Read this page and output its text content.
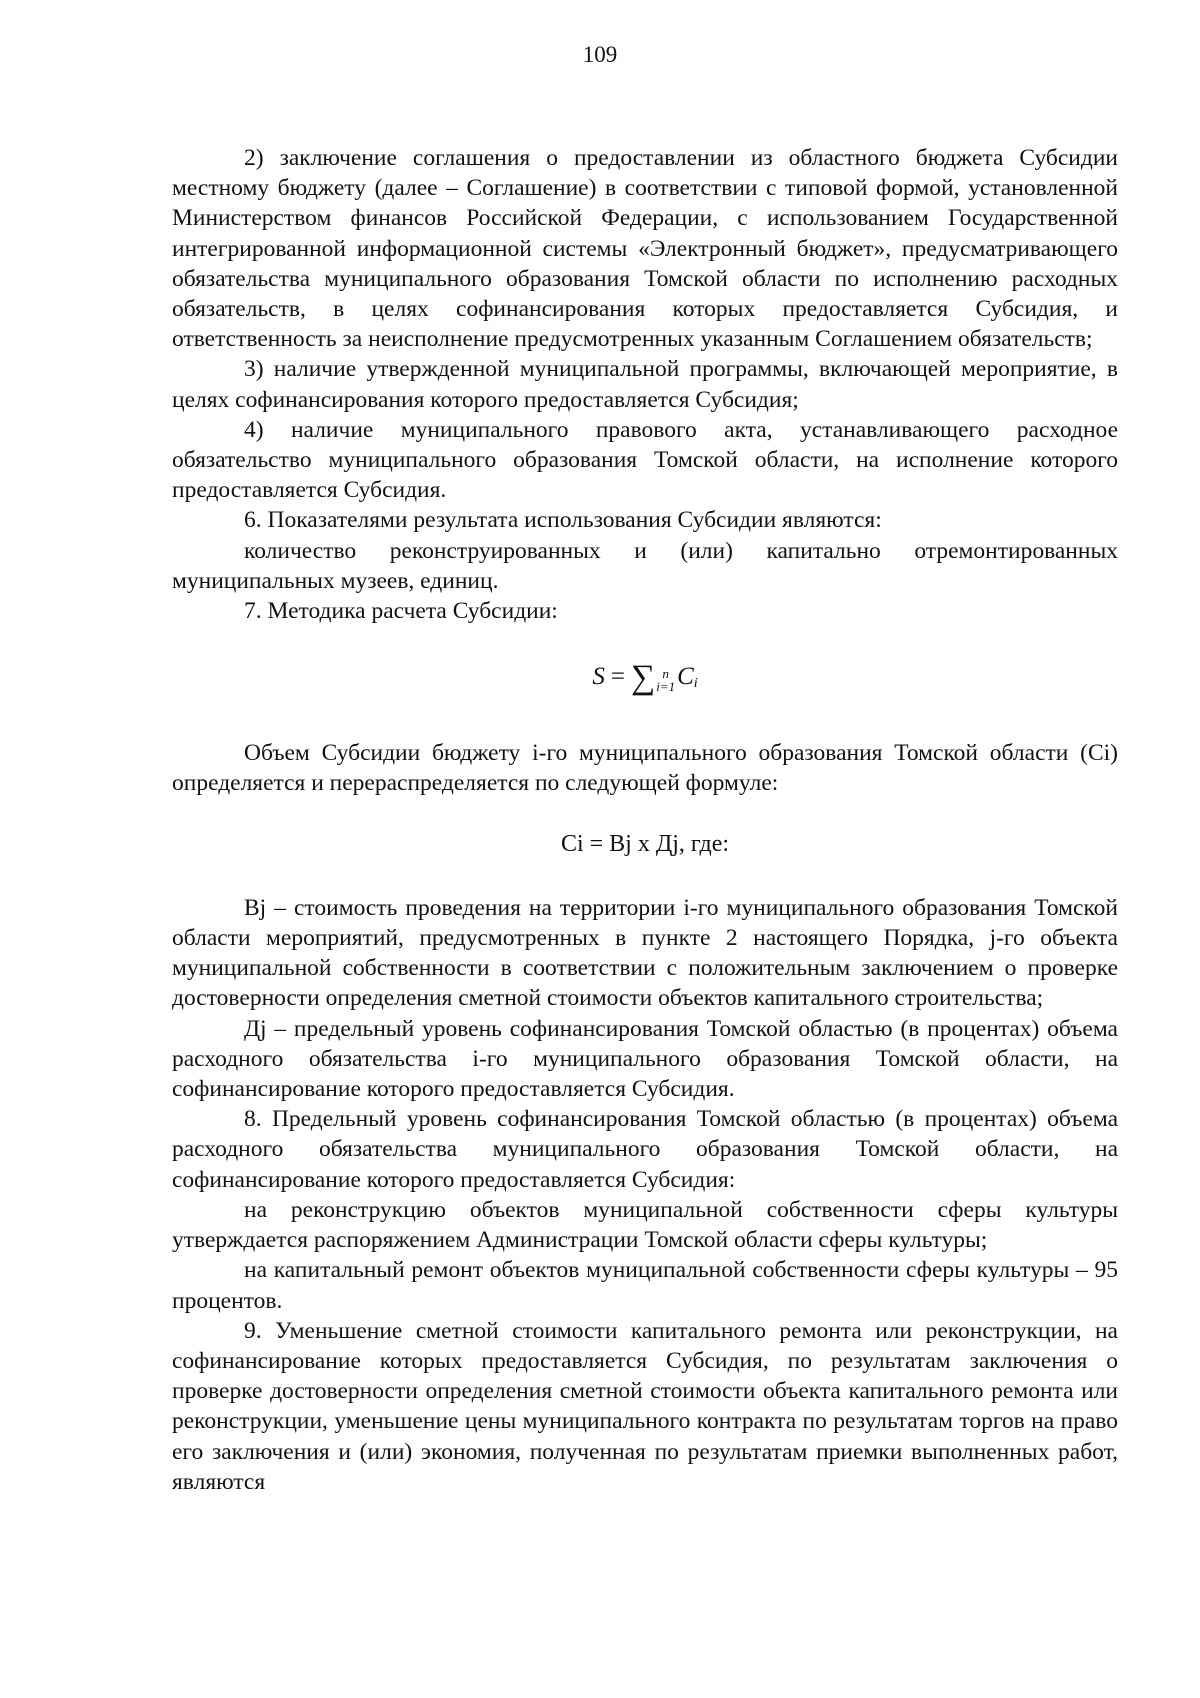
109

2) заключение соглашения о предоставлении из областного бюджета Субсидии местному бюджету (далее – Соглашение) в соответствии с типовой формой, установленной Министерством финансов Российской Федерации, с использованием Государственной интегрированной информационной системы «Электронный бюджет», предусматривающего обязательства муниципального образования Томской области по исполнению расходных обязательств, в целях софинансирования которых предоставляется Субсидия, и ответственность за неисполнение предусмотренных указанным Соглашением обязательств;

3) наличие утвержденной муниципальной программы, включающей мероприятие, в целях софинансирования которого предоставляется Субсидия;

4) наличие муниципального правового акта, устанавливающего расходное обязательство муниципального образования Томской области, на исполнение которого предоставляется Субсидия.

6. Показателями результата использования Субсидии являются:

количество реконструированных и (или) капитально отремонтированных муниципальных музеев, единиц.

7. Методика расчета Субсидии:

S = ∑ n
i=1 C i

Объем Субсидии бюджету i-го муниципального образования Томской области (Ci) определяется и перераспределяется по следующей формуле:

Ci = Bj x Дj, где:

Bj – стоимость проведения на территории i-го муниципального образования Томской области мероприятий, предусмотренных в пункте 2 настоящего Порядка, j-го объекта муниципальной собственности в соответствии с положительным заключением о проверке достоверности определения сметной стоимости объектов капитального строительства;

Дj – предельный уровень софинансирования Томской областью (в процентах) объема расходного обязательства i-го муниципального образования Томской области, на софинансирование которого предоставляется Субсидия.

8. Предельный уровень софинансирования Томской областью (в процентах) объема расходного обязательства муниципального образования Томской области, на софинансирование которого предоставляется Субсидия:

на реконструкцию объектов муниципальной собственности сферы культуры утверждается распоряжением Администрации Томской области сферы культуры;

на капитальный ремонт объектов муниципальной собственности сферы культуры – 95 процентов.

9. Уменьшение сметной стоимости капитального ремонта или реконструкции, на софинансирование которых предоставляется Субсидия, по результатам заключения о проверке достоверности определения сметной стоимости объекта капитального ремонта или реконструкции, уменьшение цены муниципального контракта по результатам торгов на право его заключения и (или) экономия, полученная по результатам приемки выполненных работ, являются
